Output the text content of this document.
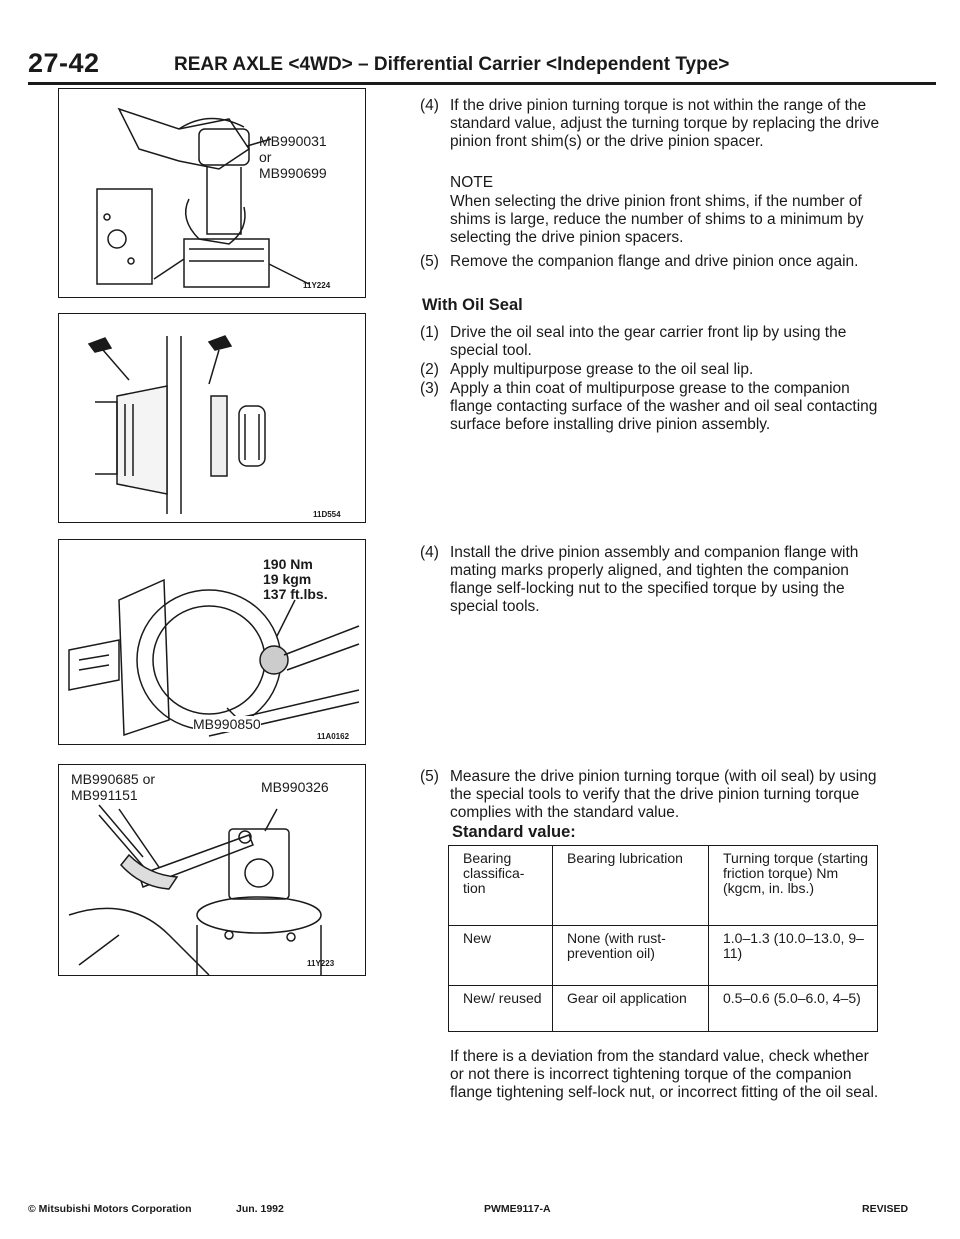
27-42	REAR AXLE <4WD> – Differential Carrier <Independent Type>
MB990031
or
MB990699
11Y224
11D554
190 Nm
19 kgm
137 ft.lbs.
MB990850
11A0162
MB990685 or
MB991151	MB990326
11Y223
(4) If the drive pinion turning torque is not within the range of the standard value, adjust the turning torque by replacing the drive pinion front shim(s) or the drive pinion spacer.
NOTE
When selecting the drive pinion front shims, if the number of shims is large, reduce the number of shims to a minimum by selecting the drive pinion spacers.
(5) Remove the companion flange and drive pinion once again.
With Oil Seal
(1) Drive the oil seal into the gear carrier front lip by using the special tool.
(2) Apply multipurpose grease to the oil seal lip.
(3) Apply a thin coat of multipurpose grease to the companion flange contacting surface of the washer and oil seal contacting surface before installing drive pinion assembly.
(4) Install the drive pinion assembly and companion flange with mating marks properly aligned, and tighten the companion flange self-locking nut to the specified torque by using the special tools.
(5) Measure the drive pinion turning torque (with oil seal) by using the special tools to verify that the drive pinion turning torque complies with the standard value.
Standard value:
Bearing classifica-tion	Bearing lubrication	Turning torque (starting friction torque) Nm (kgcm, in. lbs.)
New	None (with rust-prevention oil)	1.0–1.3 (10.0–13.0, 9–11)
New/ reused	Gear oil application	0.5–0.6 (5.0–6.0, 4–5)
If there is a deviation from the standard value, check whether or not there is incorrect tightening torque of the companion flange tightening self-lock nut, or incorrect fitting of the oil seal.
© Mitsubishi Motors Corporation	Jun. 1992	PWME9117-A	REVISED
